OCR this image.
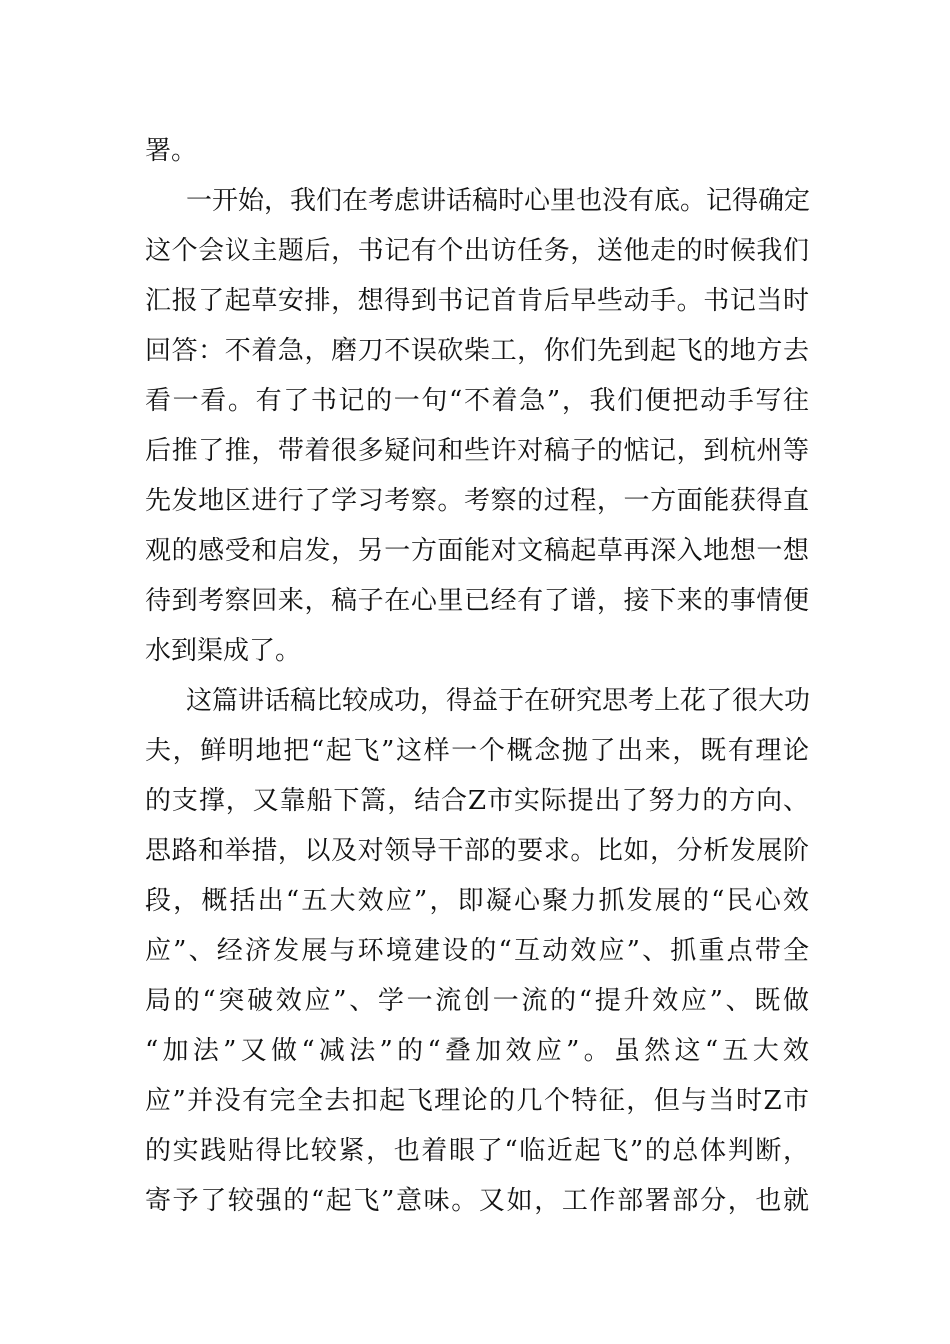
署。
一开始，我们在考虑讲话稿时心里也没有底。记得确定
这个会议主题后，书记有个出访任务，送他走的时候我们
汇报了起草安排，想得到书记首肯后早些动手。书记当时
回答：不着急，磨刀不误砍柴工，你们先到起飞的地方去
看一看。有了书记的一句“不着急”，我们便把动手写往
后推了推，带着很多疑问和些许对稿子的惦记，到杭州等
先发地区进行了学习考察。考察的过程，一方面能获得直
观的感受和启发，另一方面能对文稿起草再深入地想一想
待到考察回来，稿子在心里已经有了谱，接下来的事情便
水到渠成了。
这篇讲话稿比较成功，得益于在研究思考上花了很大功
夫，鲜明地把“起飞”这样一个概念抛了出来，既有理论
的支撑，又靠船下篙，结合Z市实际提出了努力的方向、
思路和举措，以及对领导干部的要求。比如，分析发展阶
段，概括出“五大效应”，即凝心聚力抓发展的“民心效
应”、经济发展与环境建设的“互动效应”、抓重点带全
局的“突破效应”、学一流创一流的“提升效应”、既做
“加法”又做“减法”的“叠加效应”。虽然这“五大效
应”并没有完全去扣起飞理论的几个特征，但与当时Z市
的实践贴得比较紧，也着眼了“临近起飞”的总体判断，
寄予了较强的“起飞”意味。又如，工作部署部分，也就
